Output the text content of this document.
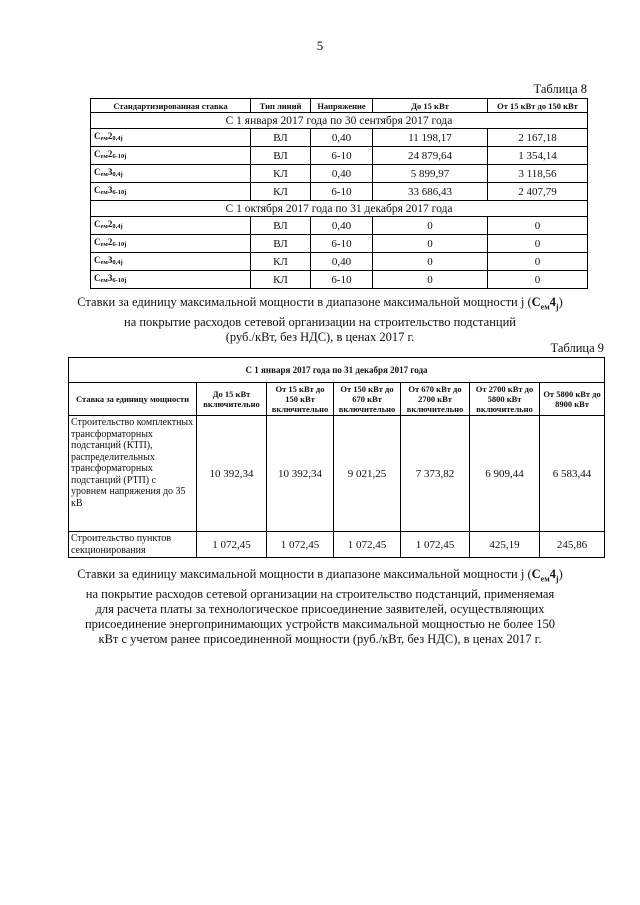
5
Таблица 8
Стандартизированная ставка	Тип линий	Напряжение	До 15 кВт	От 15 кВт до 150 кВт
С 1 января 2017 года по 30 сентября 2017 года				
$С_{ем}2_{0,4j}$	ВЛ	0,40	11 198,17	2 167,18
$С_{ем}2_{6-10j}$	ВЛ	6-10	24 879,64	1 354,14
$С_{ем}3_{0,4j}$	КЛ	0,40	5 899,97	3 118,56
$С_{ем}3_{6-10j}$	КЛ	6-10	33 686,43	2 407,79
С 1 октября 2017 года по 31 декабря 2017 года				
$С_{ем}2_{0,4j}$	ВЛ	0,40	0	0
$С_{ем}2_{6-10j}$	ВЛ	6-10	0	0
$С_{ем}3_{0,4j}$	КЛ	0,40	0	0
$С_{ем}3_{6-10j}$	КЛ	6-10	0	0
Ставки за единицу максимальной мощности в диапазоне максимальной мощности j $(С_{ем}4_j)$
на покрытие расходов сетевой организации на строительство подстанций
(руб./кВт, без НДС), в ценах 2017 г.
Таблица 9
С 1 января 2017 года по 31 декабря 2017 года						
Ставка за единицу мощности	До 15 кВт включительно	От 15 кВт до 150 кВт включительно	От 150 кВт до 670 кВт включительно	От 670 кВт до 2700 кВт включительно	От 2700 кВт до 5800 кВт включительно	От 5800 кВт до 8900 кВт
Строительство комплектных трансформаторных подстанций (КТП), распределительных трансформаторных подстанций (РТП) с уровнем напряжения до 35 кВ	10 392,34	10 392,34	9 021,25	7 373,82	6 909,44	6 583,44
Строительство пунктов секционирования	1 072,45	1 072,45	1 072,45	1 072,45	425,19	245,86
Ставки за единицу максимальной мощности в диапазоне максимальной мощности j $(С_{ем}4_j)$
на покрытие расходов сетевой организации на строительство подстанций, применяемая
для расчета платы за технологическое присоединение заявителей, осуществляющих
присоединение энергопринимающих устройств максимальной мощностью не более 150
кВт с учетом ранее присоединенной мощности (руб./кВт, без НДС), в ценах 2017 г.
